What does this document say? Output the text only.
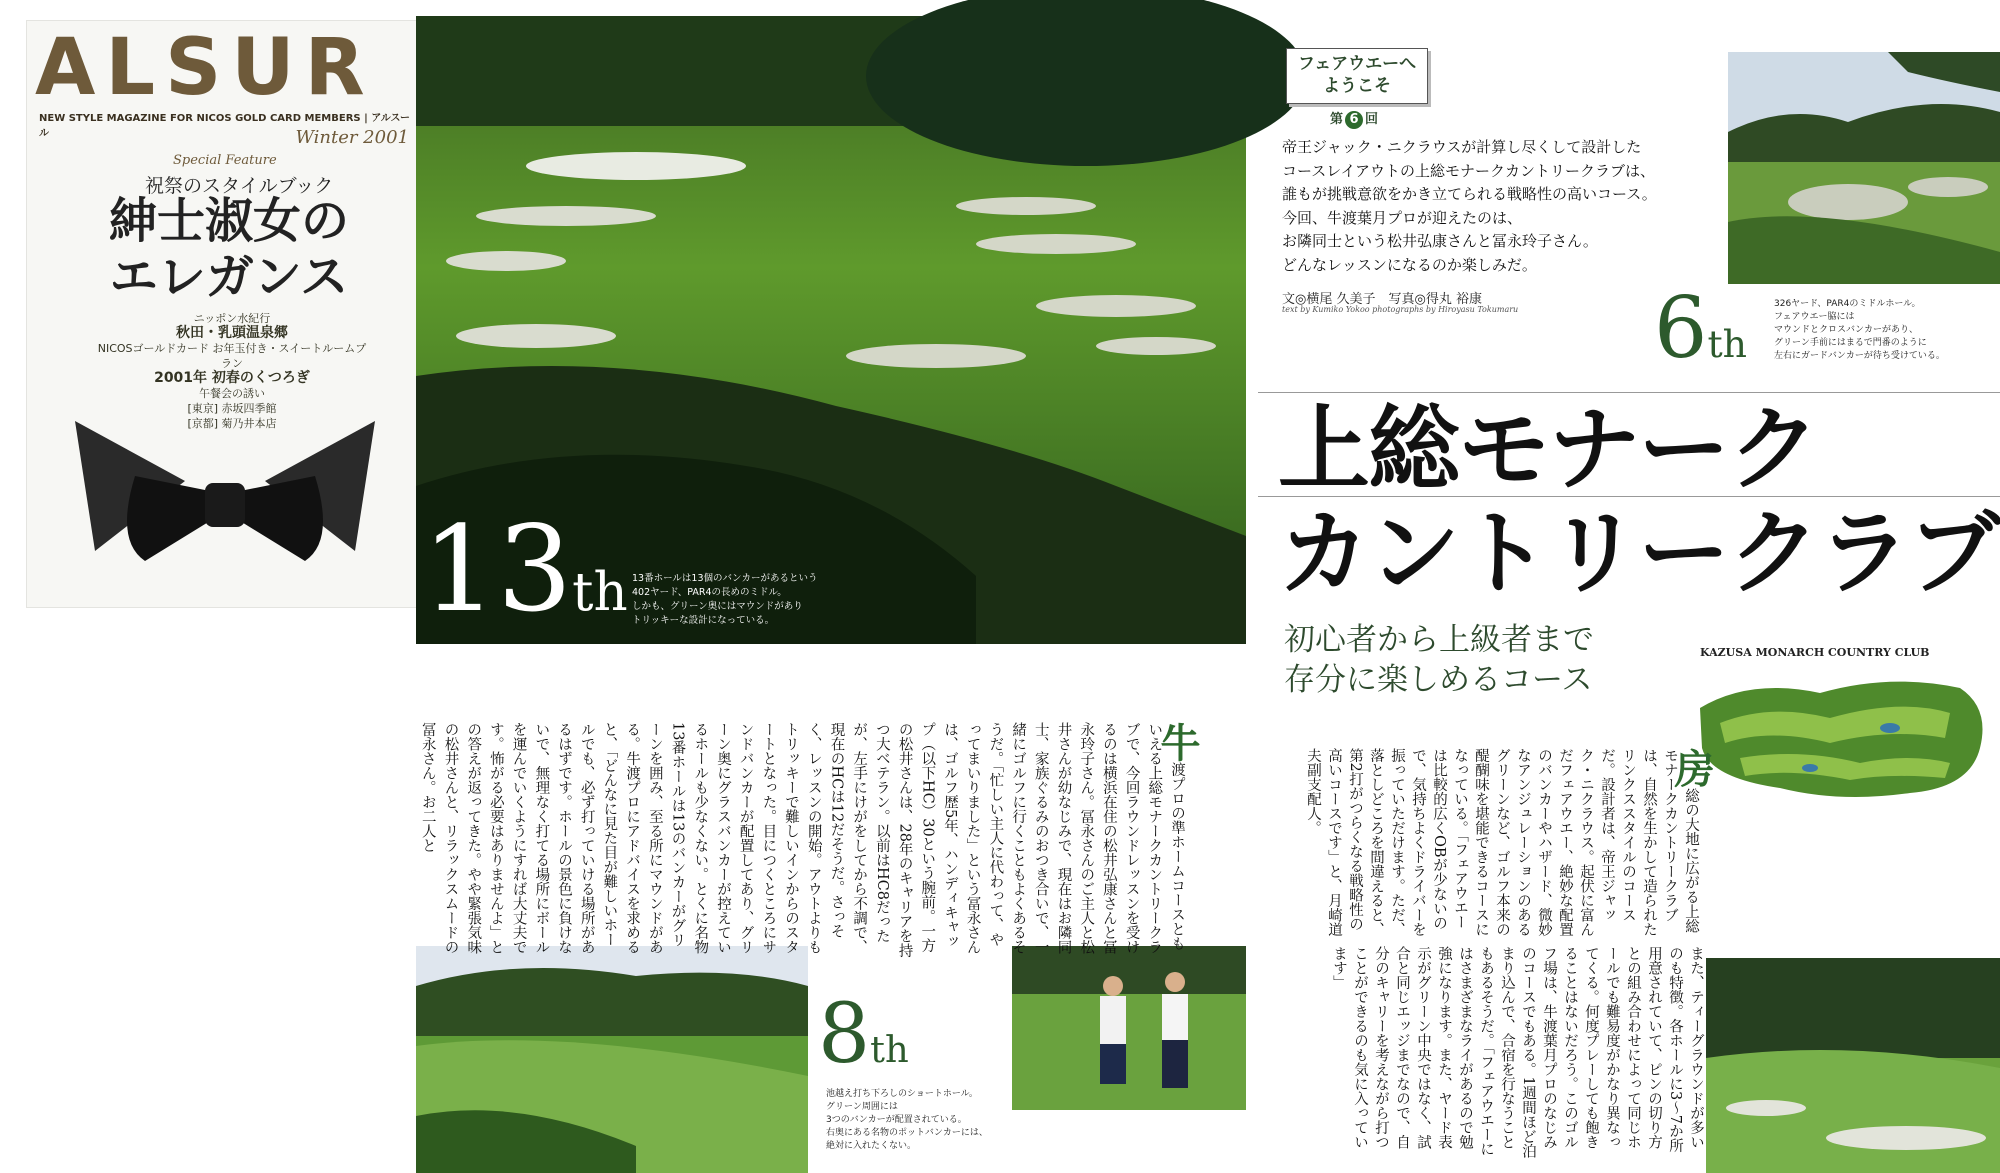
ALSUR
NEW STYLE MAGAZINE FOR NICOS GOLD CARD MEMBERS | アルスール	Winter 2001
Special Feature
祝祭のスタイルブック
紳士淑女の
エレガンス
ニッポン水紀行
秋田・乳頭温泉郷
NICOSゴールドカード お年玉付き・スイートルームプラン
2001年 初春のくつろぎ
午餐会の誘い
[東京] 赤坂四季館
[京都] 菊乃井本店
13th 13番ホールは13個のバンカーがあるという
402ヤード、PAR4の長めのミドル。
しかも、グリーン奥にはマウンドがあり
トリッキーな設計になっている。
6th
326ヤード、PAR4のミドルホール。
フェアウエー脇には
マウンドとクロスバンカーがあり、
グリーン手前にはまるで門番のように
左右にガードバンカーが待ち受けている。
フェアウエーへ
ようこそ
第 6 回
帝王ジャック・ニクラウスが計算し尽くして設計した
コースレイアウトの上総モナークカントリークラブは、
誰もが挑戦意欲をかき立てられる戦略性の高いコース。
今回、牛渡葉月プロが迎えたのは、
お隣同士という松井弘康さんと冨永玲子さん。
どんなレッスンになるのか楽しみだ。
文◎横尾 久美子　写真◎得丸 裕康
text by Kumiko Yokoo photographs by Hiroyasu Tokumaru
上総モナーク
カントリークラブ
初心者から上級者まで
存分に楽しめるコース
KAZUSA MONARCH COUNTRY CLUB
8th
池越え打ち下ろしのショートホール。
グリーン周囲には
3つのバンカーが配置されている。
右奥にある名物のポットバンカーには、
絶対に入れたくない。
牛渡プロの準ホームコースともいえる上総モナークカントリークラブで、今回ラウンドレッスンを受けるのは横浜在住の松井弘康さんと冨永玲子さん。冨永さんのご主人と松井さんが幼なじみで、現在はお隣同士、家族ぐるみのおつき合いで、一緒にゴルフに行くこともよくあるそうだ。「忙しい主人に代わって、やってまいりました」という冨永さんは、ゴルフ歴5年、ハンディキャップ（以下HC）30という腕前。一方の松井さんは、28年のキャリアを持つ大ベテラン。以前はHC8だったが、左手にけがをしてから不調で、現在のHCは12だそうだ。さっそく、レッスンの開始。アウトよりもトリッキーで難しいインからのスタートとなった。目につくところにサンドバンカーが配置してあり、グリーン奥にグラスバンカーが控えているホールも少なくない。とくに名物13番ホールは13のバンカーがグリーンを囲み、至る所にマウンドがある。牛渡プロにアドバイスを求めると、「どんなに見た目が難しいホールでも、必ず打っていける場所があるはずです。ホールの景色に負けないで、無理なく打てる場所にボールを運んでいくようにすれば大丈夫です。怖がる必要はありませんよ」との答えが返ってきた。やや緊張気味の松井さんと、リラックスムードの冨永さん。お二人と	房総の大地に広がる上総モナークカントリークラブは、自然を生かして造られたリンクススタイルのコースだ。設計者は、帝王ジャック・ニクラウス。起伏に富んだフェアウエー、絶妙な配置のバンカーやハザード、微妙なアンジュレーションのあるグリーンなど、ゴルフ本来の醍醐味を堪能できるコースになっている。「フェアウエーは比較的広くOBが少ないので、気持ちよくドライバーを振っていただけます。ただ、落としどころを間違えると、第2打がつらくなる戦略性の高いコースです」と、月崎道夫副支配人。
また、ティーグラウンドが多いのも特徴。各ホールに3〜7か所用意されていて、ピンの切り方との組み合わせによって同じホールでも難易度がかなり異なってくる。何度プレーしても飽きることはないだろう。このゴルフ場は、牛渡葉月プロのなじみのコースでもある。1週間ほど泊まり込んで、合宿を行なうこともあるそうだ。「フェアウエーにはさまざまなライがあるので勉強になります。また、ヤード表示がグリーン中央ではなく、試合と同じエッジまでなので、自分のキャリーを考えながら打つことができるのも気に入っています」
